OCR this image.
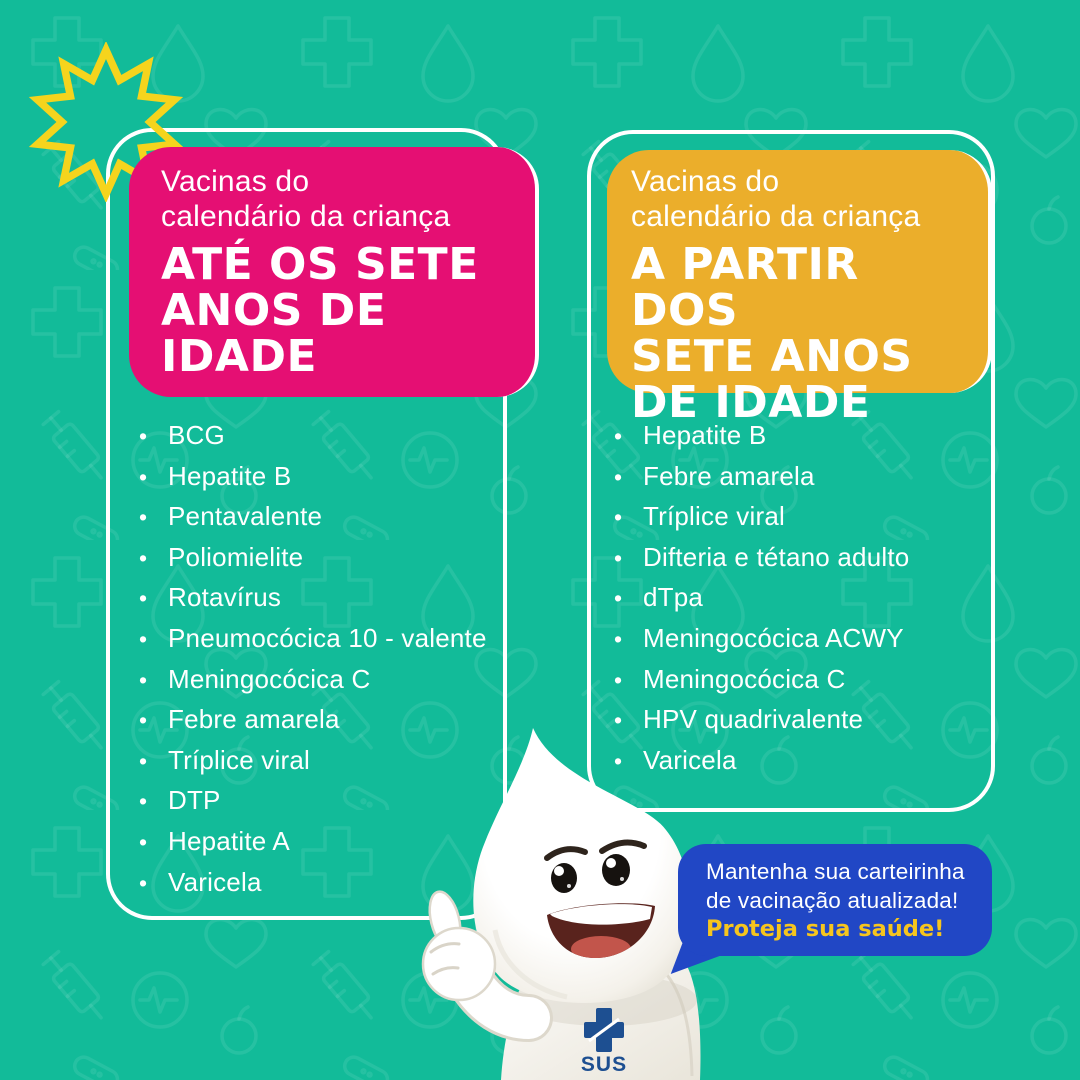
Vacinas do
calendário da criança
ATÉ OS SETE
ANOS DE
IDADE
Vacinas do
calendário da criança
A PARTIR DOS
SETE ANOS
DE IDADE
• BCG
• Hepatite B
• Pentavalente
• Poliomielite
• Rotavírus
• Pneumocócica 10 - valente
• Meningocócica C
• Febre amarela
• Tríplice viral
• DTP
• Hepatite A
• Varicela
• Hepatite B
• Febre amarela
• Tríplice viral
• Difteria e tétano adulto
• dTpa
• Meningocócica ACWY
• Meningocócica C
• HPV quadrivalente
• Varicela
SUS
Mantenha sua carteirinha
de vacinação atualizada!
Proteja sua saúde!
